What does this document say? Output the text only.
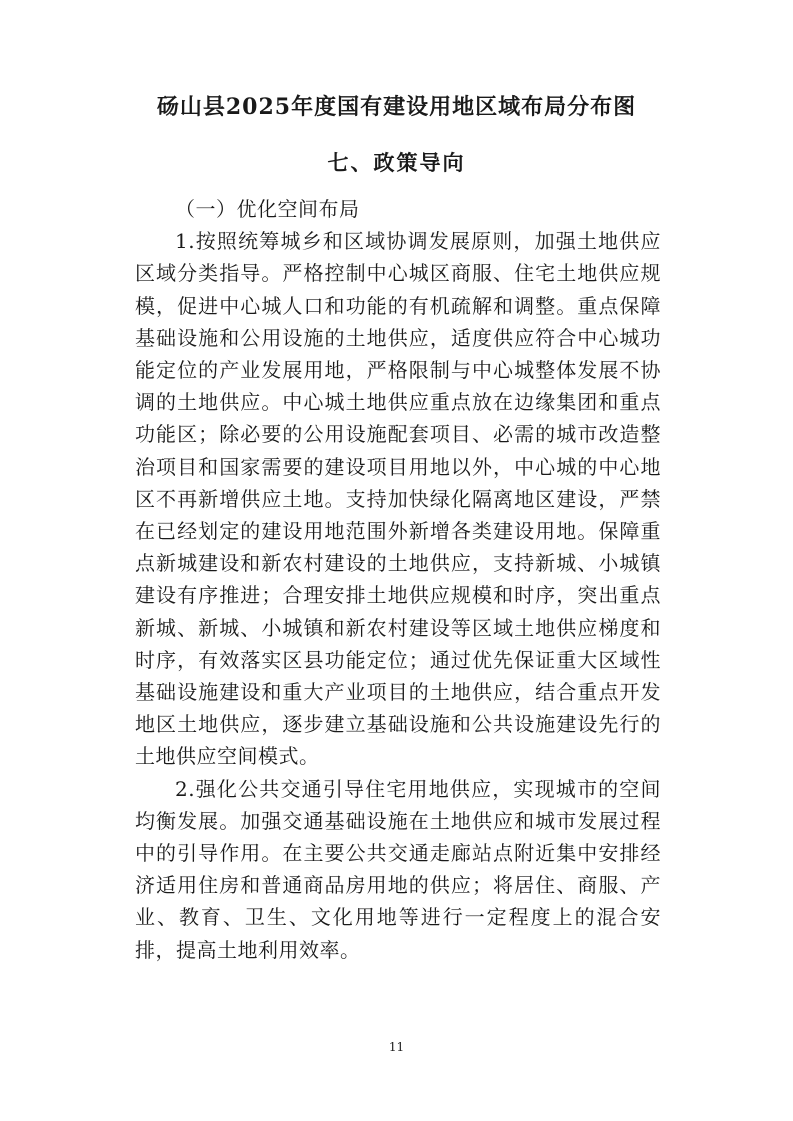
砀山县2025年度国有建设用地区域布局分布图
七、政策导向

（一）优化空间布局

1.按照统筹城乡和区域协调发展原则，加强土地供应区域分类指导。严格控制中心城区商服、住宅土地供应规模，促进中心城人口和功能的有机疏解和调整。重点保障基础设施和公用设施的土地供应，适度供应符合中心城功能定位的产业发展用地，严格限制与中心城整体发展不协调的土地供应。中心城土地供应重点放在边缘集团和重点功能区；除必要的公用设施配套项目、必需的城市改造整治项目和国家需要的建设项目用地以外，中心城的中心地区不再新增供应土地。支持加快绿化隔离地区建设，严禁在已经划定的建设用地范围外新增各类建设用地。保障重点新城建设和新农村建设的土地供应，支持新城、小城镇建设有序推进；合理安排土地供应规模和时序，突出重点新城、新城、小城镇和新农村建设等区域土地供应梯度和时序，有效落实区县功能定位；通过优先保证重大区域性基础设施建设和重大产业项目的土地供应，结合重点开发地区土地供应，逐步建立基础设施和公共设施建设先行的土地供应空间模式。

2.强化公共交通引导住宅用地供应，实现城市的空间均衡发展。加强交通基础设施在土地供应和城市发展过程中的引导作用。在主要公共交通走廊站点附近集中安排经济适用住房和普通商品房用地的供应；将居住、商服、产业、教育、卫生、文化用地等进行一定程度上的混合安排，提高土地利用效率。

11
